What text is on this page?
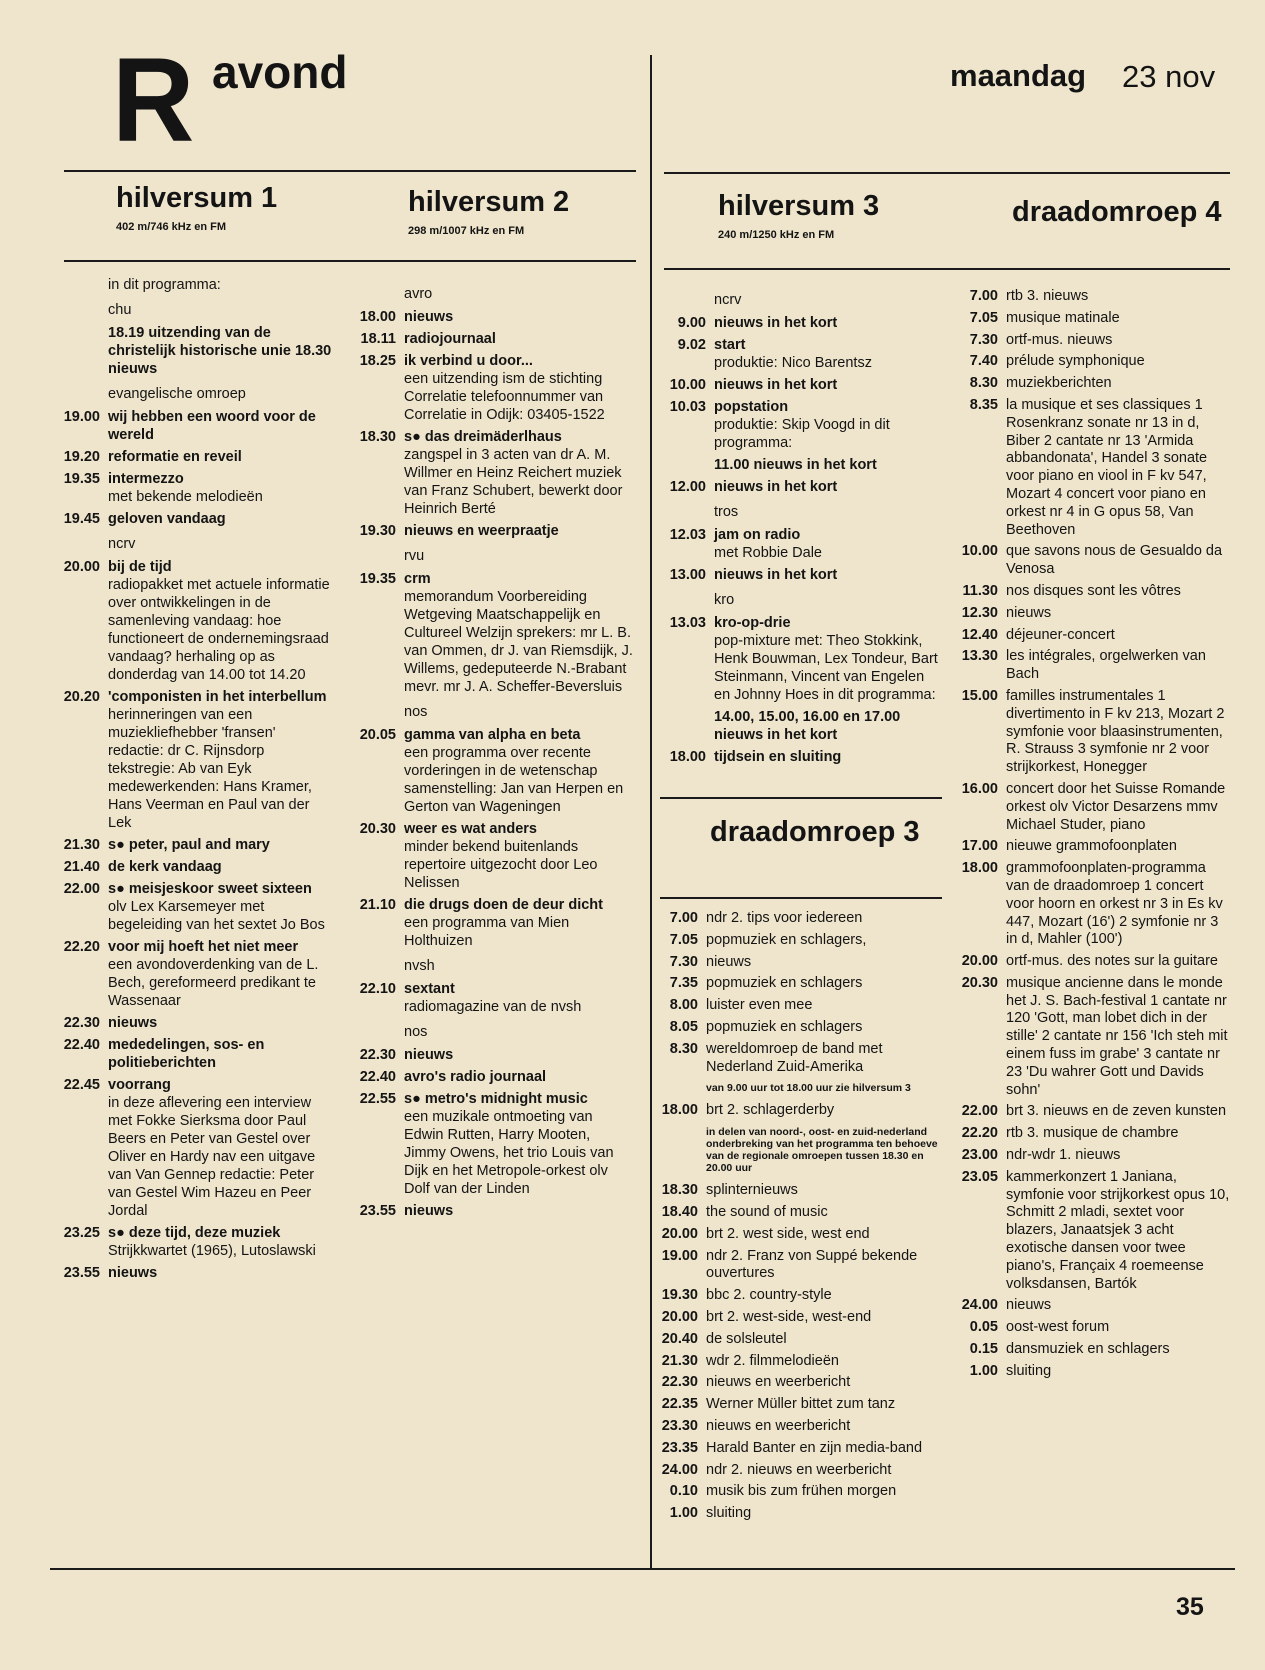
R avond	maandag 23 nov
hilversum 1
402 m/746 kHz en FM
hilversum 2
298 m/1007 kHz en FM
hilversum 3
240 m/1250 kHz en FM
draadomroep 4
draadomroep 3
in dit programma:
chu
18.19 uitzending van de christelijk historische unie 18.30 nieuws
evangelische omroep
19.00 wij hebben een woord voor de wereld
19.20 reformatie en reveil
19.35 intermezzo
met bekende melodieën
19.45 geloven vandaag
ncrv
20.00 bij de tijd
radiopakket met actuele informatie over ontwikkelingen in de samenleving vandaag: hoe functioneert de ondernemingsraad vandaag? herhaling op as donderdag van 14.00 tot 14.20
20.20 'componisten in het interbellum
herinneringen van een muziekliefhebber 'fransen' redactie: dr C. Rijnsdorp tekstregie: Ab van Eyk medewerkenden: Hans Kramer, Hans Veerman en Paul van der Lek
21.30 s● peter, paul and mary
21.40 de kerk vandaag
22.00 s● meisjeskoor sweet sixteen
olv Lex Karsemeyer met begeleiding van het sextet Jo Bos
22.20 voor mij hoeft het niet meer
een avondoverdenking van de L. Bech, gereformeerd predikant te Wassenaar
22.30 nieuws
22.40 mededelingen, sos- en politieberichten
22.45 voorrang
in deze aflevering een interview met Fokke Sierksma door Paul Beers en Peter van Gestel over Oliver en Hardy nav een uitgave van Van Gennep redactie: Peter van Gestel Wim Hazeu en Peer Jordal
23.25 s● deze tijd, deze muziek
Strijkkwartet (1965), Lutoslawski
23.55 nieuws
avro
18.00 nieuws
18.11 radiojournaal
18.25 ik verbind u door...
een uitzending ism de stichting Correlatie telefoonnummer van Correlatie in Odijk: 03405-1522
18.30 s● das dreimäderlhaus
zangspel in 3 acten van dr A. M. Willmer en Heinz Reichert muziek van Franz Schubert, bewerkt door Heinrich Berté
19.30 nieuws en weerpraatje
rvu
19.35 crm
memorandum Voorbereiding Wetgeving Maatschappelijk en Cultureel Welzijn sprekers: mr L. B. van Ommen, dr J. van Riemsdijk, J. Willems, gedeputeerde N.-Brabant mevr. mr J. A. Scheffer-Beversluis
nos
20.05 gamma van alpha en beta
een programma over recente vorderingen in de wetenschap samenstelling: Jan van Herpen en Gerton van Wageningen
20.30 weer es wat anders
minder bekend buitenlands repertoire uitgezocht door Leo Nelissen
21.10 die drugs doen de deur dicht
een programma van Mien Holthuizen
nvsh
22.10 sextant
radiomagazine van de nvsh
nos
22.30 nieuws
22.40 avro's radio journaal
22.55 s● metro's midnight music
een muzikale ontmoeting van Edwin Rutten, Harry Mooten, Jimmy Owens, het trio Louis van Dijk en het Metropole-orkest olv Dolf van der Linden
23.55 nieuws
ncrv
9.00 nieuws in het kort
9.02 start
produktie: Nico Barentsz
10.00 nieuws in het kort
10.03 popstation
produktie: Skip Voogd in dit programma:
11.00 nieuws in het kort
12.00 nieuws in het kort
tros
12.03 jam on radio
met Robbie Dale
13.00 nieuws in het kort
kro
13.03 kro-op-drie
pop-mixture met: Theo Stokkink, Henk Bouwman, Lex Tondeur, Bart Steinmann, Vincent van Engelen en Johnny Hoes in dit programma:
14.00, 15.00, 16.00 en 17.00 nieuws in het kort
18.00 tijdsein en sluiting
7.00 ndr 2. tips voor iedereen
7.05 popmuziek en schlagers,
7.30 nieuws
7.35 popmuziek en schlagers
8.00 luister even mee
8.05 popmuziek en schlagers
8.30 wereldomroep de band met Nederland Zuid-Amerika
van 9.00 uur tot 18.00 uur zie hilversum 3
18.00 brt 2. schlagerderby
in delen van noord-, oost- en zuid-nederland onderbreking van het programma ten behoeve van de regionale omroepen tussen 18.30 en 20.00 uur
18.30 splinternieuws
18.40 the sound of music
20.00 brt 2. west side, west end
19.00 ndr 2. Franz von Suppé bekende ouvertures
19.30 bbc 2. country-style
20.00 brt 2. west-side, west-end
20.40 de solsleutel
21.30 wdr 2. filmmelodieën
22.30 nieuws en weerbericht
22.35 Werner Müller bittet zum tanz
23.30 nieuws en weerbericht
23.35 Harald Banter en zijn media-band
24.00 ndr 2. nieuws en weerbericht
0.10 musik bis zum frühen morgen
1.00 sluiting
7.00 rtb 3. nieuws
7.05 musique matinale
7.30 ortf-mus. nieuws
7.40 prélude symphonique
8.30 muziekberichten
8.35 la musique et ses classiques 1 Rosenkranz sonate nr 13 in d, Biber 2 cantate nr 13 'Armida abbandonata', Handel 3 sonate voor piano en viool in F kv 547, Mozart 4 concert voor piano en orkest nr 4 in G opus 58, Van Beethoven
10.00 que savons nous de Gesualdo da Venosa
11.30 nos disques sont les vôtres
12.30 nieuws
12.40 déjeuner-concert
13.30 les intégrales, orgelwerken van Bach
15.00 familles instrumentales 1 divertimento in F kv 213, Mozart 2 symfonie voor blaasinstrumenten, R. Strauss 3 symfonie nr 2 voor strijkorkest, Honegger
16.00 concert door het Suisse Romande orkest olv Victor Desarzens mmv Michael Studer, piano
17.00 nieuwe grammofoonplaten
18.00 grammofoonplaten-programma van de draadomroep 1 concert voor hoorn en orkest nr 3 in Es kv 447, Mozart (16') 2 symfonie nr 3 in d, Mahler (100')
20.00 ortf-mus. des notes sur la guitare
20.30 musique ancienne dans le monde het J. S. Bach-festival 1 cantate nr 120 'Gott, man lobet dich in der stille' 2 cantate nr 156 'Ich steh mit einem fuss im grabe' 3 cantate nr 23 'Du wahrer Gott und Davids sohn'
22.00 brt 3. nieuws en de zeven kunsten
22.20 rtb 3. musique de chambre
23.00 ndr-wdr 1. nieuws
23.05 kammerkonzert 1 Janiana, symfonie voor strijkorkest opus 10, Schmitt 2 mladi, sextet voor blazers, Janaatsjek 3 acht exotische dansen voor twee piano's, Françaix 4 roemeense volksdansen, Bartók
24.00 nieuws
0.05 oost-west forum
0.15 dansmuziek en schlagers
1.00 sluiting
35
